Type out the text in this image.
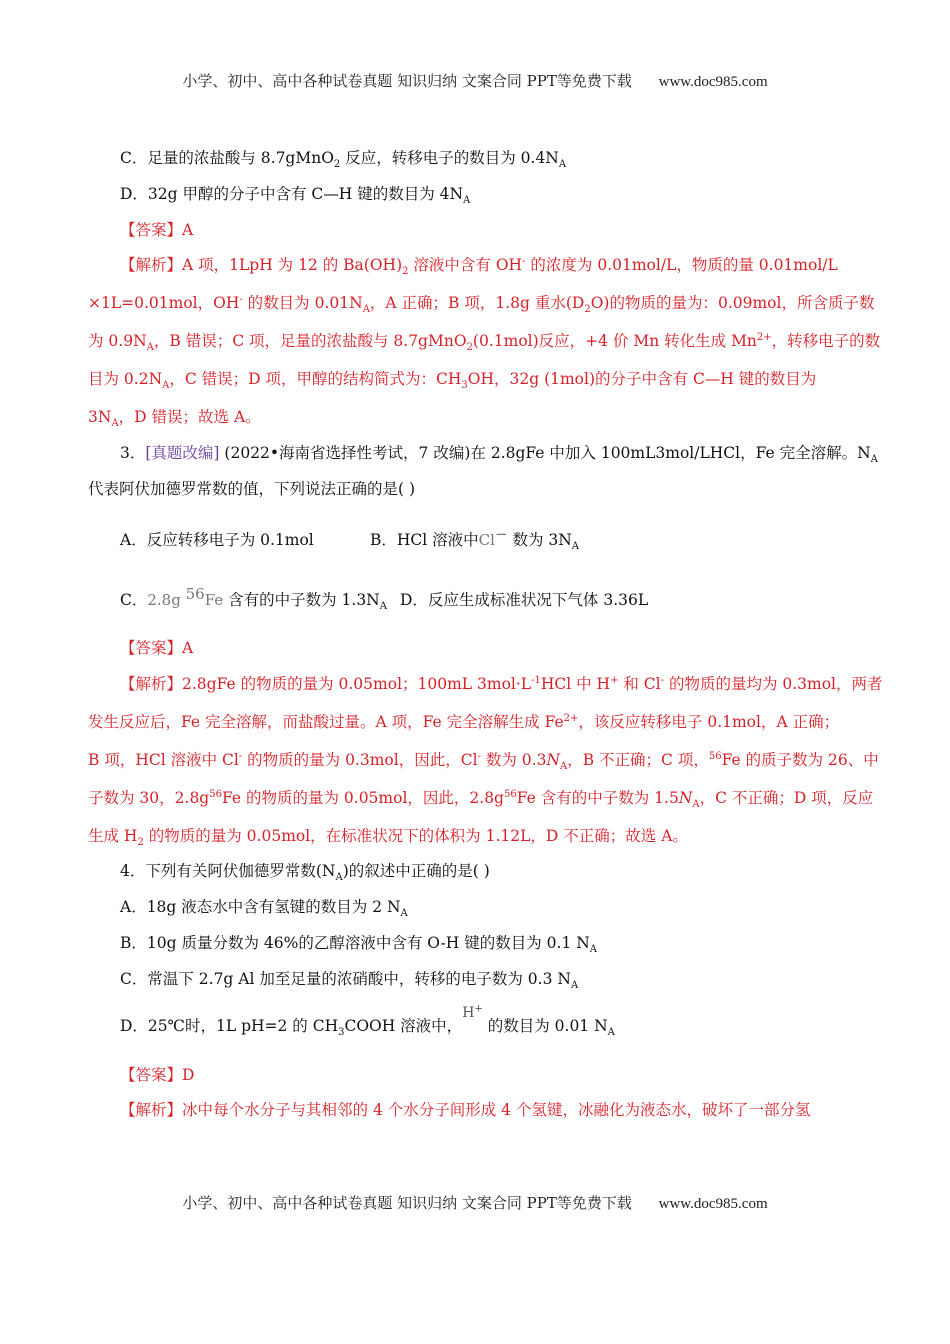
小学、初中、高中各种试卷真题 知识归纳 文案合同 PPT等免费下载 www.doc985.com
C．足量的浓盐酸与 8.7gMnO$_2$ 反应，转移电子的数目为 $0.4N_A$
D．32g 甲醇的分子中含有 C—H 键的数目为 $4N_A$
【答案】A
【解析】A 项，1LpH 为 12 的 $Ba(OH)_2$ 溶液中含有 OH- 的浓度为 0.01mol/L，物质的量 0.01mol/L
×1L=0.01mol，OH- 的数目为 $0.01N_A$，A 正确；B 项，1.8g 重水$(D_2O)$的物质的量为：0.09mol，所含质子数
为 $0.9N_A$，B 错误；C 项，足量的浓盐酸与 8.7gMnO$_2$(0.1mol)反应，+4 价 Mn 转化生成 $Mn^{2+}$，转移电子的数
目为 $0.2N_A$，C 错误；D 项，甲醇的结构简式为：$CH_3OH$，32g (1mol)的分子中含有 C—H 键的数目为
$3N_A$，D 错误；故选 A。
3．[真题改编] (2022•海南省选择性考试，7 改编)在 2.8gFe 中加入 100mL3mol/LHCl，Fe 完全溶解。$N_A$
代表阿伏加德罗常数的值，下列说法正确的是( )
A．反应转移电子为 0.1mol	B．HCl 溶液中Cl− 数为 $3N_A$
C．2.8g $^{56}$Fe 含有的中子数为 $1.3N_A$ D．反应生成标准状况下气体 3.36L
【答案】A
【解析】2.8gFe 的物质的量为 0.05mol；100mL $3mol\cdot L^{-1}HCl$ 中 H+ 和 Cl- 的物质的量均为 0.3mol，两者
发生反应后，Fe 完全溶解，而盐酸过量。A 项，Fe 完全溶解生成 $Fe^{2+}$，该反应转移电子 0.1mol，A 正确；
B 项，HCl 溶液中 Cl- 的物质的量为 0.3mol，因此，Cl- 数为 $0.3N_A$，B 不正确；C 项，$^{56}$Fe 的质子数为 26、中
子数为 30，$2.8g^{56}Fe$ 的物质的量为 0.05mol，因此，$2.8g^{56}Fe$ 含有的中子数为 $1.5N_A$，C 不正确；D 项，反应
生成 $H_2$ 的物质的量为 0.05mol，在标准状况下的体积为 1.12L，D 不正确；故选 A。
4．下列有关阿伏伽德罗常数$(N_A)$的叙述中正确的是( )
A．18g 液态水中含有氢键的数目为 2 $N_A$
B．10g 质量分数为 46%的乙醇溶液中含有 O-H 键的数目为 0.1 $N_A$
C．常温下 2.7g Al 加至足量的浓硝酸中，转移的电子数为 0.3 $N_A$
D．25℃时，1L pH=2 的 $CH_3COOH$ 溶液中，H+ 的数目为 0.01 $N_A$
【答案】D
【解析】冰中每个水分子与其相邻的 4 个水分子间形成 4 个氢键，冰融化为液态水，破坏了一部分氢
小学、初中、高中各种试卷真题 知识归纳 文案合同 PPT等免费下载 www.doc985.com
